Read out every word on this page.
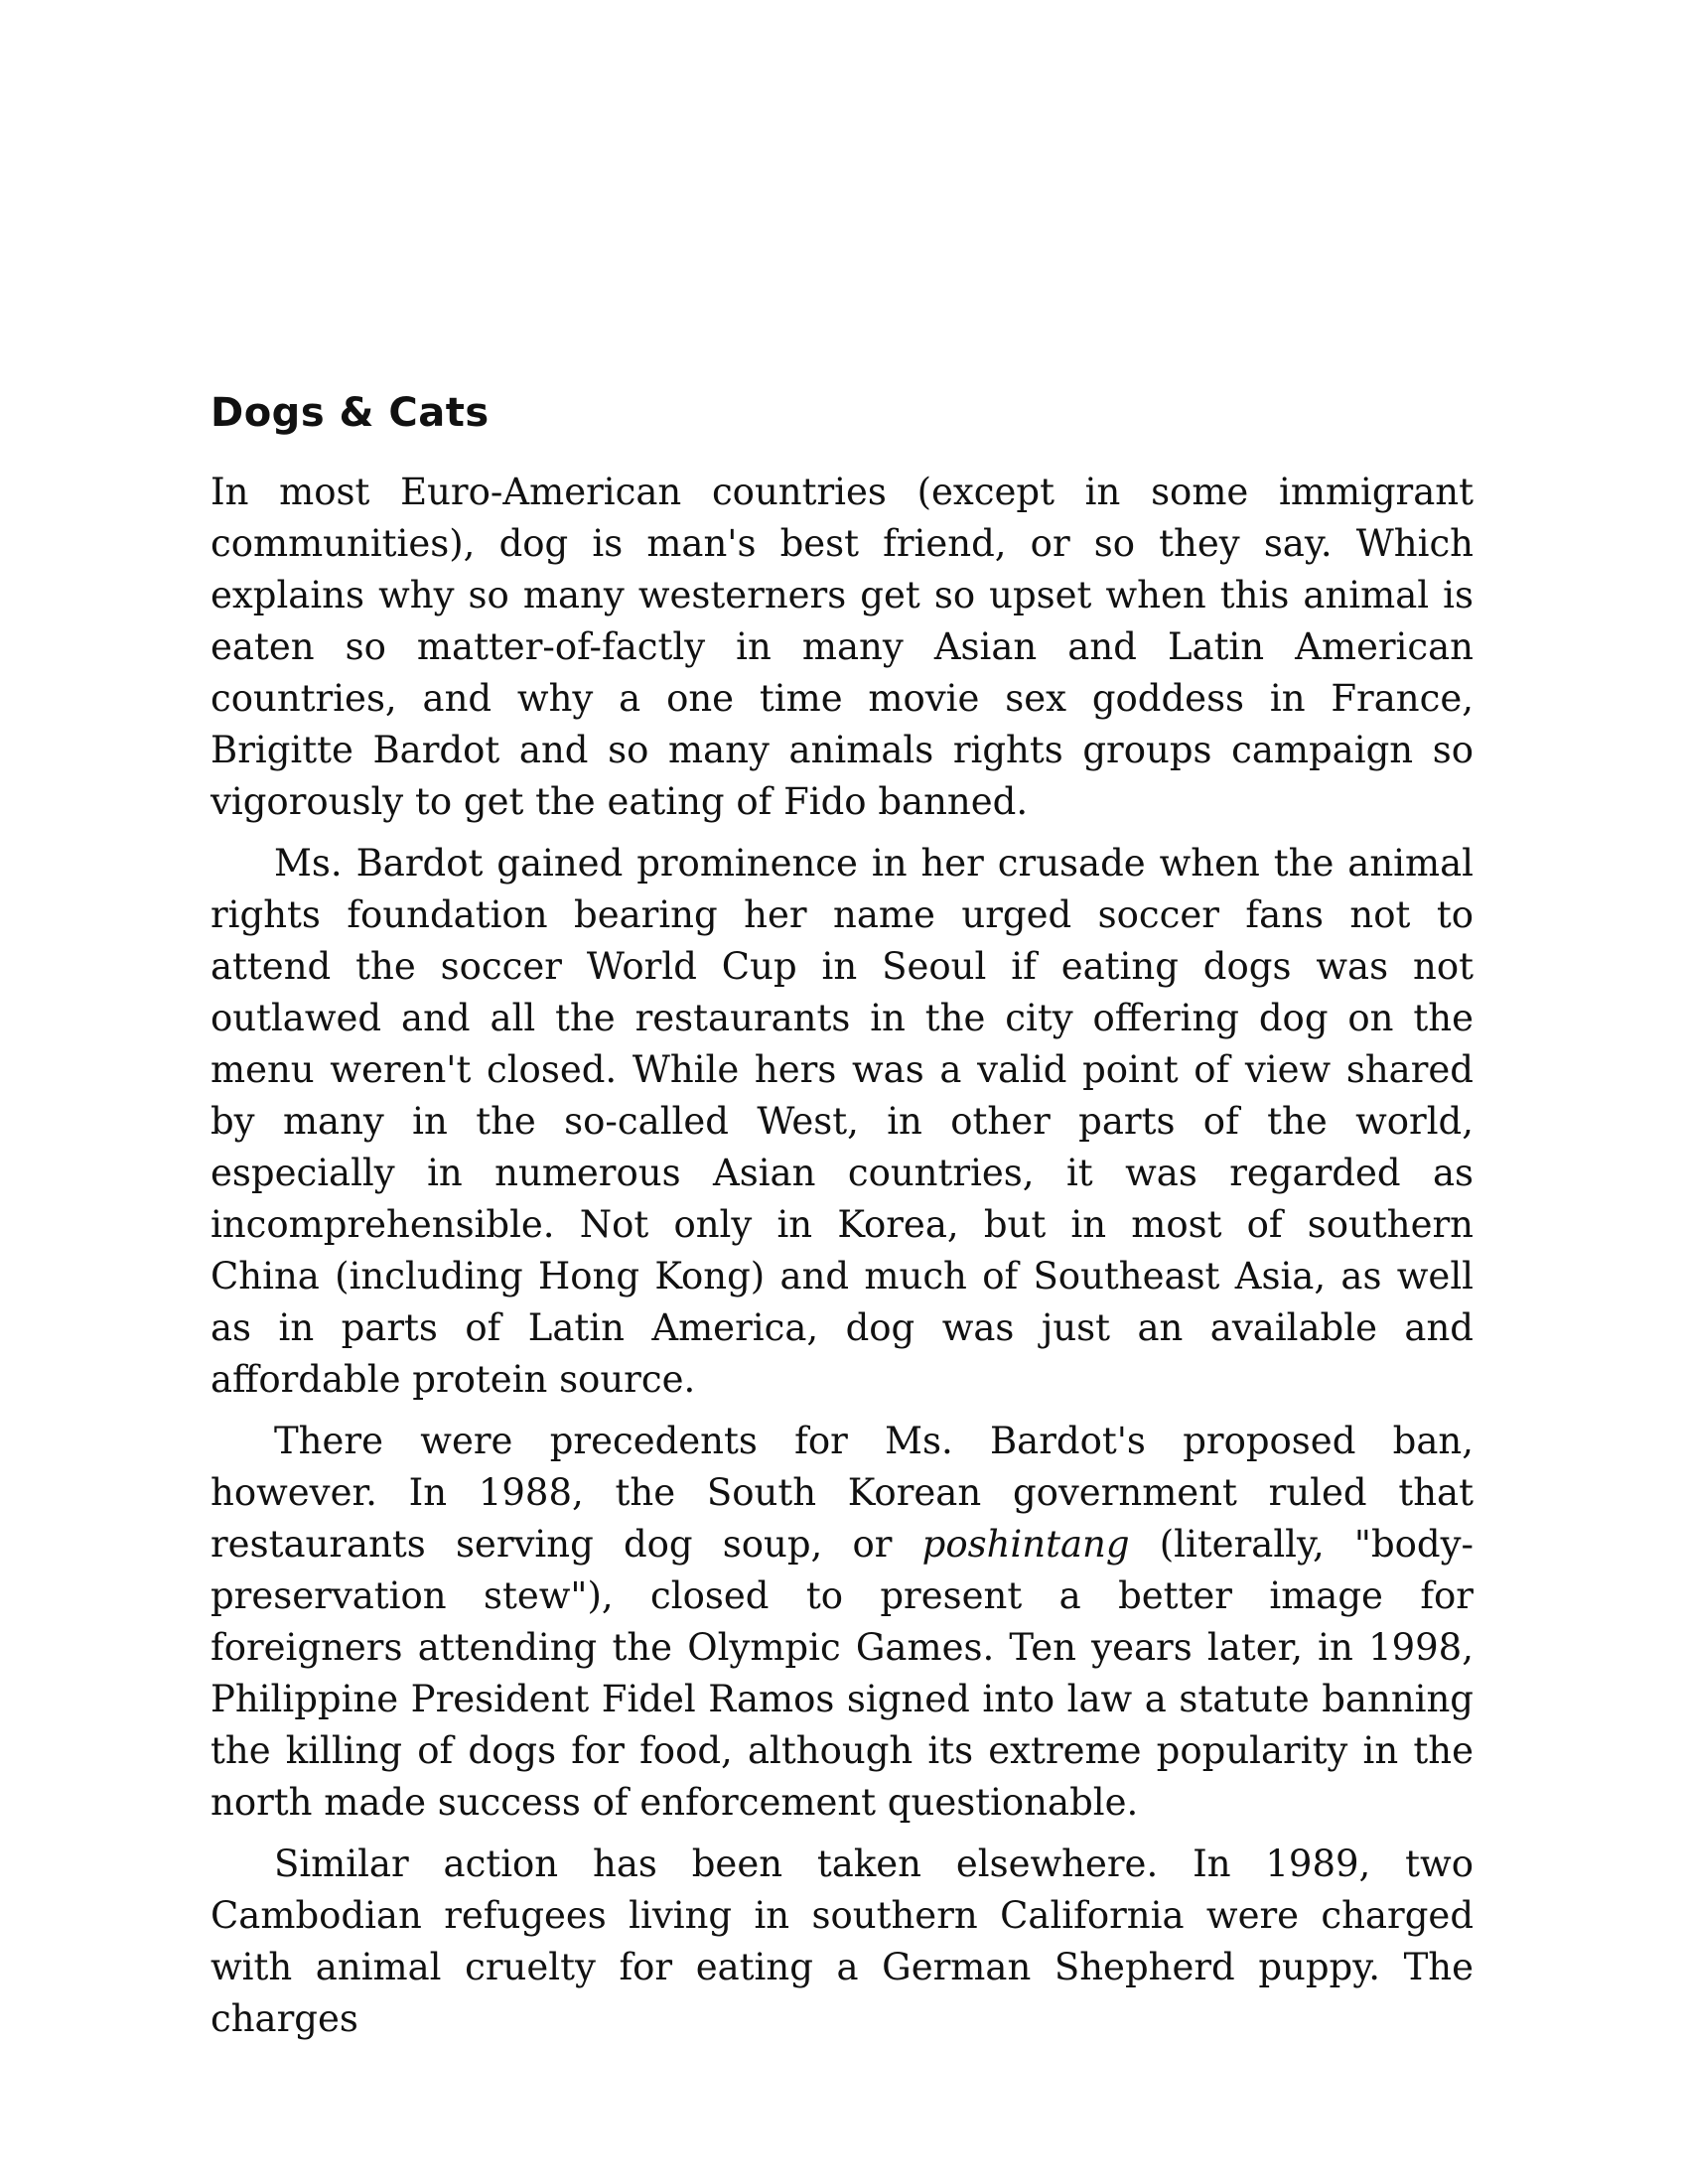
Dogs & Cats

In most Euro-American countries (except in some immigrant communities), dog is man's best friend, or so they say. Which explains why so many westerners get so upset when this animal is eaten so matter-of-factly in many Asian and Latin American countries, and why a one time movie sex goddess in France, Brigitte Bardot and so many animals rights groups campaign so vigorously to get the eating of Fido banned.

Ms. Bardot gained prominence in her crusade when the animal rights foundation bearing her name urged soccer fans not to attend the soccer World Cup in Seoul if eating dogs was not outlawed and all the restaurants in the city offering dog on the menu weren't closed. While hers was a valid point of view shared by many in the so-called West, in other parts of the world, especially in numerous Asian countries, it was regarded as incomprehensible. Not only in Korea, but in most of southern China (including Hong Kong) and much of Southeast Asia, as well as in parts of Latin America, dog was just an available and affordable protein source.

There were precedents for Ms. Bardot's proposed ban, however. In 1988, the South Korean government ruled that restaurants serving dog soup, or poshintang (literally, "body-preservation stew"), closed to present a better image for foreigners attending the Olympic Games. Ten years later, in 1998, Philippine President Fidel Ramos signed into law a statute banning the killing of dogs for food, although its extreme popularity in the north made success of enforcement questionable.

Similar action has been taken elsewhere. In 1989, two Cambodian refugees living in southern California were charged with animal cruelty for eating a German Shepherd puppy. The charges
